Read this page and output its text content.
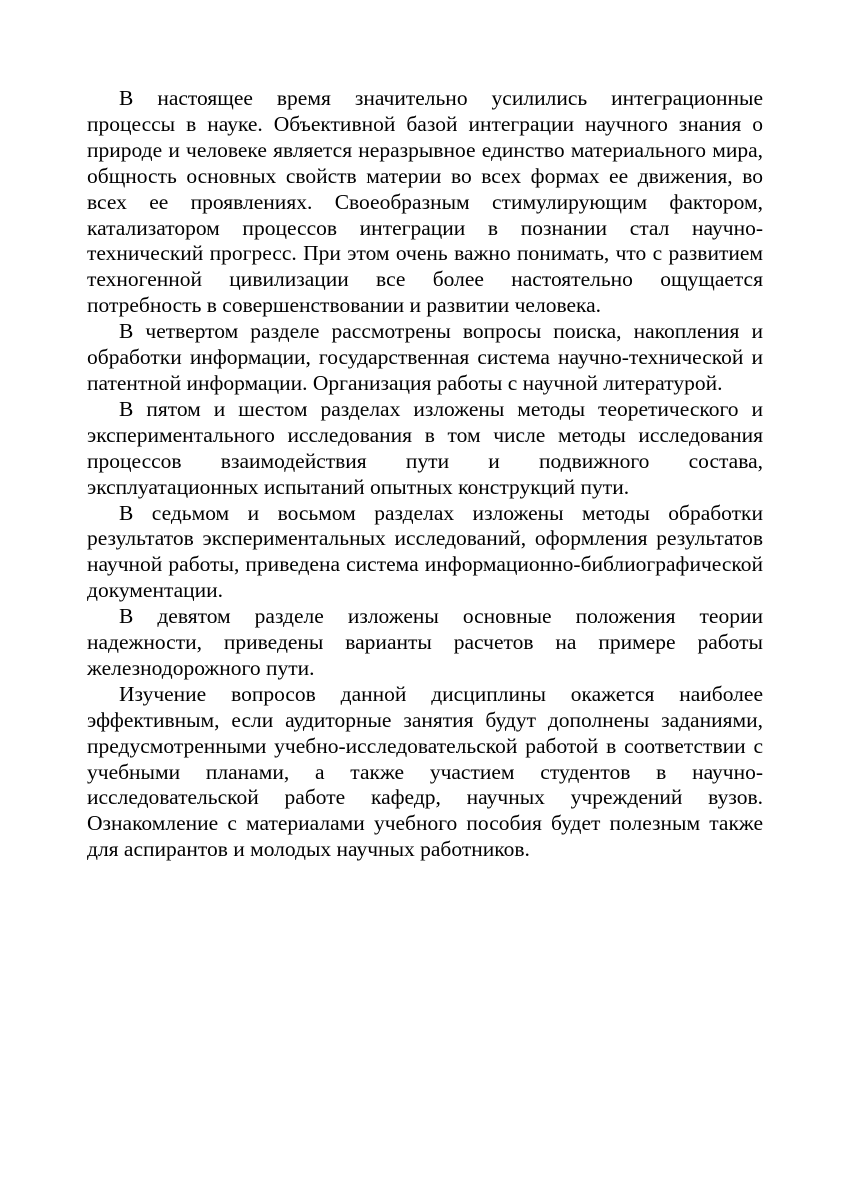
В настоящее время значительно усилились интеграционные процессы в науке. Объективной базой интеграции научного знания о природе и человеке является неразрывное единство материального мира, общность основных свойств материи во всех формах ее движения, во всех ее проявлениях. Своеобразным стимулирующим фактором, катализатором процессов интеграции в познании стал научно-технический прогресс. При этом очень важно понимать, что с развитием техногенной цивилизации все более настоятельно ощущается потребность в совершенствовании и развитии человека.

В четвертом разделе рассмотрены вопросы поиска, накопления и обработки информации, государственная система научно-технической и патентной информации. Организация работы с научной литературой.

В пятом и шестом разделах изложены методы теоретического и экспериментального исследования в том числе методы исследования процессов взаимодействия пути и подвижного состава, эксплуатационных испытаний опытных конструкций пути.

В седьмом и восьмом разделах изложены методы обработки результатов экспериментальных исследований, оформления результатов научной работы, приведена система информационно-библиографической документации.

В девятом разделе изложены основные положения теории надежности, приведены варианты расчетов на примере работы железнодорожного пути.

Изучение вопросов данной дисциплины окажется наиболее эффективным, если аудиторные занятия будут дополнены заданиями, предусмотренными учебно-исследовательской работой в соответствии с учебными планами, а также участием студентов в научно-исследовательской работе кафедр, научных учреждений вузов. Ознакомление с материалами учебного пособия будет полезным также для аспирантов и молодых научных работников.
